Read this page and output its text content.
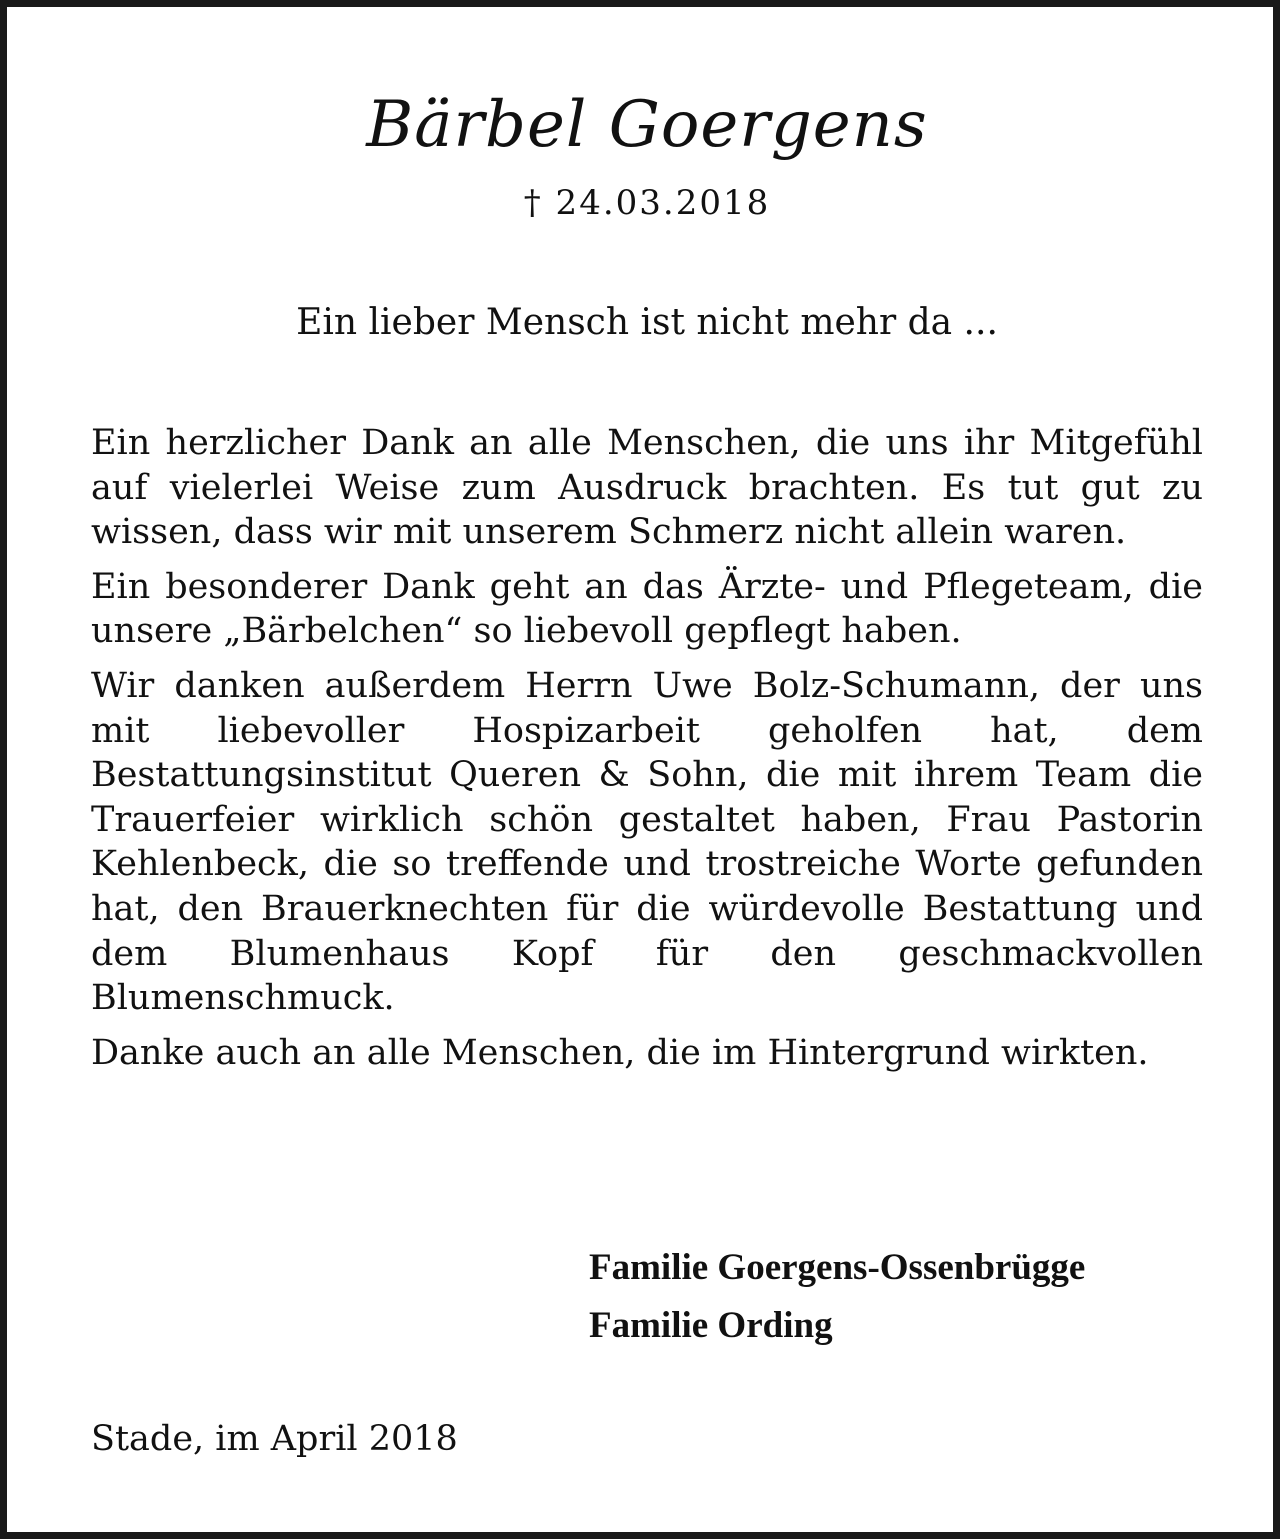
Bärbel Goergens
† 24.03.2018
Ein lieber Mensch ist nicht mehr da ...

Ein herzlicher Dank an alle Menschen, die uns ihr Mitgefühl auf vielerlei Weise zum Ausdruck brachten. Es tut gut zu wissen, dass wir mit unserem Schmerz nicht allein waren.

Ein besonderer Dank geht an das Ärzte- und Pflegeteam, die unsere „Bärbelchen“ so liebevoll gepflegt haben.

Wir danken außerdem Herrn Uwe Bolz-Schumann, der uns mit liebevoller Hospizarbeit geholfen hat, dem Bestattungsinstitut Queren & Sohn, die mit ihrem Team die Trauerfeier wirklich schön gestaltet haben, Frau Pastorin Kehlenbeck, die so treffende und trostreiche Worte gefunden hat, den Brauerknechten für die würdevolle Bestattung und dem Blumenhaus Kopf für den geschmackvollen Blumenschmuck.

Danke auch an alle Menschen, die im Hintergrund wirkten.

Familie Goergens-Ossenbrügge
Familie Ording
Stade, im April 2018
